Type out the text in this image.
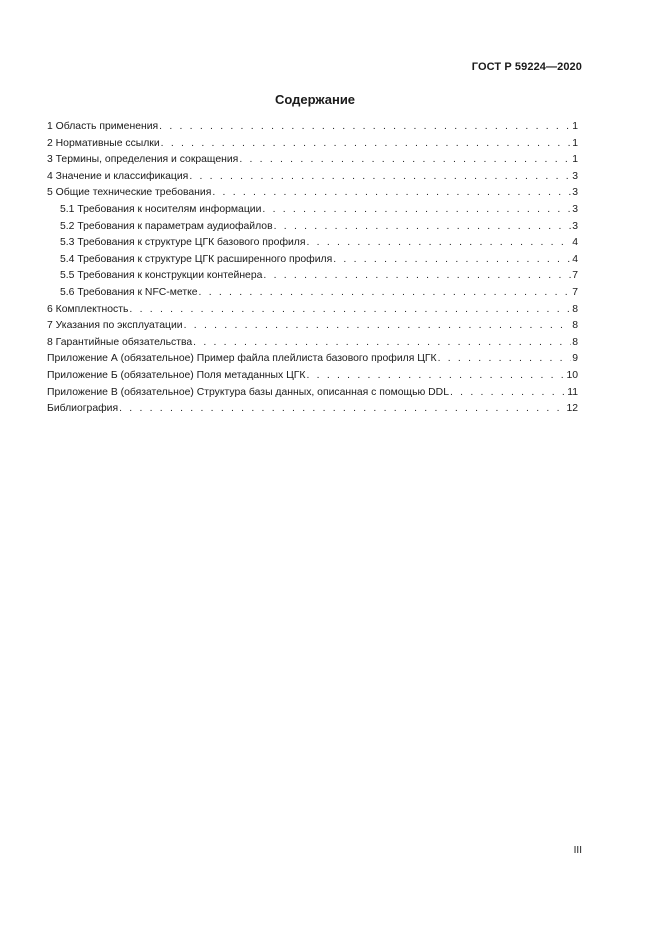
ГОСТ Р 59224—2020
Содержание
1 Область применения . . .	1
2 Нормативные ссылки . . .	1
3 Термины, определения и сокращения . . .	1
4 Значение и классификация . . .	3
5 Общие технические требования . . .	3
5.1 Требования к носителям информации . . .	3
5.2 Требования к параметрам аудиофайлов . . .	3
5.3 Требования к структуре ЦГК базового профиля . . .	4
5.4 Требования к структуре ЦГК расширенного профиля . . .	4
5.5 Требования к конструкции контейнера . . .	7
5.6 Требования к NFC-метке . . .	7
6 Комплектность . . .	8
7 Указания по эксплуатации . . .	8
8 Гарантийные обязательства . . .	8
Приложение А (обязательное) Пример файла плейлиста базового профиля ЦГК . . .	9
Приложение Б (обязательное) Поля метаданных ЦГК . . .	10
Приложение В (обязательное) Структура базы данных, описанная с помощью DDL . . .	11
Библиография . . .	12
III
